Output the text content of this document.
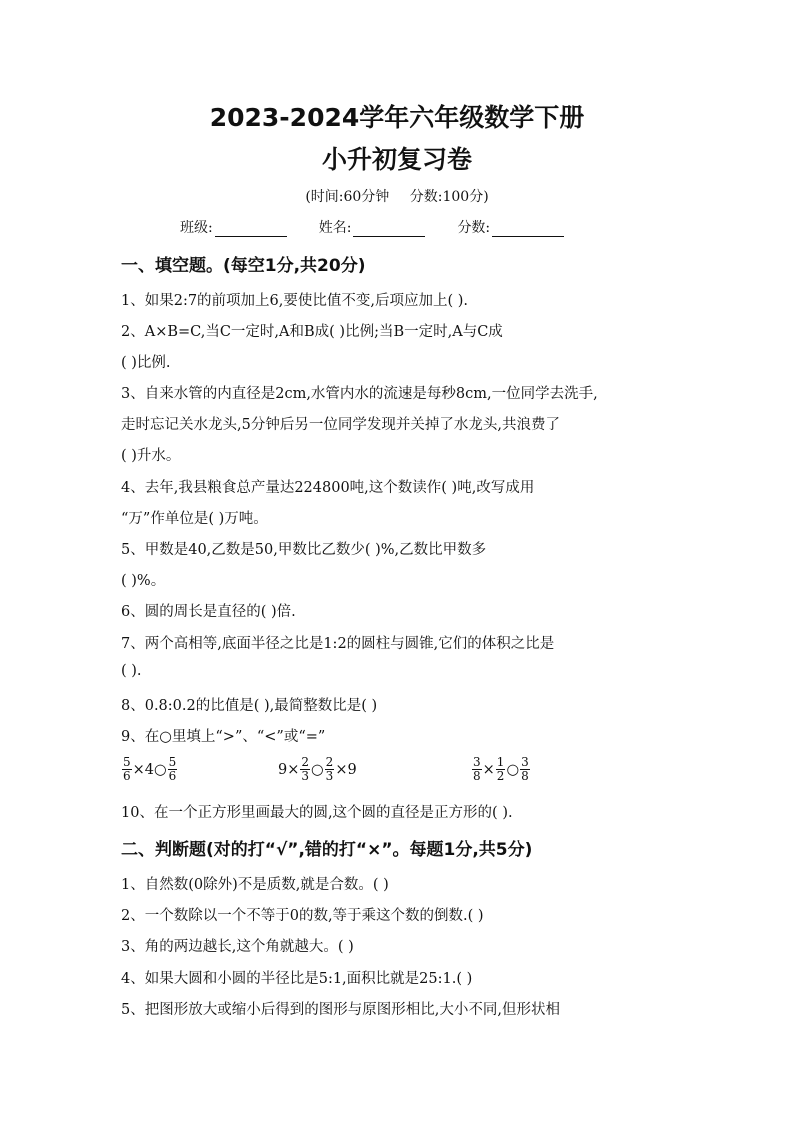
2023-2024学年六年级数学下册
小升初复习卷
(时间:60分钟 分数:100分)
班级:	姓名:	分数:
一、填空题。(每空1分,共20分)
1、如果2:7的前项加上6,要使比值不变,后项应加上( ).
2、A×B=C,当C一定时,A和B成( )比例;当B一定时,A与C成
( )比例.
3、自来水管的内直径是2cm,水管内水的流速是每秒8cm,一位同学去洗手,
走时忘记关水龙头,5分钟后另一位同学发现并关掉了水龙头,共浪费了
( )升水。
4、去年,我县粮食总产量达224800吨,这个数读作( )吨,改写成用
“万”作单位是( )万吨。
5、甲数是40,乙数是50,甲数比乙数少( )%,乙数比甲数多
( )%。
6、圆的周长是直径的( )倍.
7、两个高相等,底面半径之比是1:2的圆柱与圆锥,它们的体积之比是
( ).
8、0.8:0.2的比值是( ),最简整数比是( )
9、在○里填上“>”、“<”或“=”
$\frac{5}{6}$ ×4○ $\frac{5}{6}$	$9\times \frac{2}{3}$ ○ $\frac{2}{3} \times 9$	$\frac{3}{8} \times \frac{1}{2}$ ○ $\frac{3}{8}$
10、在一个正方形里画最大的圆,这个圆的直径是正方形的( ).
二、判断题(对的打“√”,错的打“×”。每题1分,共5分)
1、自然数(0除外)不是质数,就是合数。( )
2、一个数除以一个不等于0的数,等于乘这个数的倒数.( )
3、角的两边越长,这个角就越大。( )
4、如果大圆和小圆的半径比是5:1,面积比就是25:1.( )
5、把图形放大或缩小后得到的图形与原图形相比,大小不同,但形状相
